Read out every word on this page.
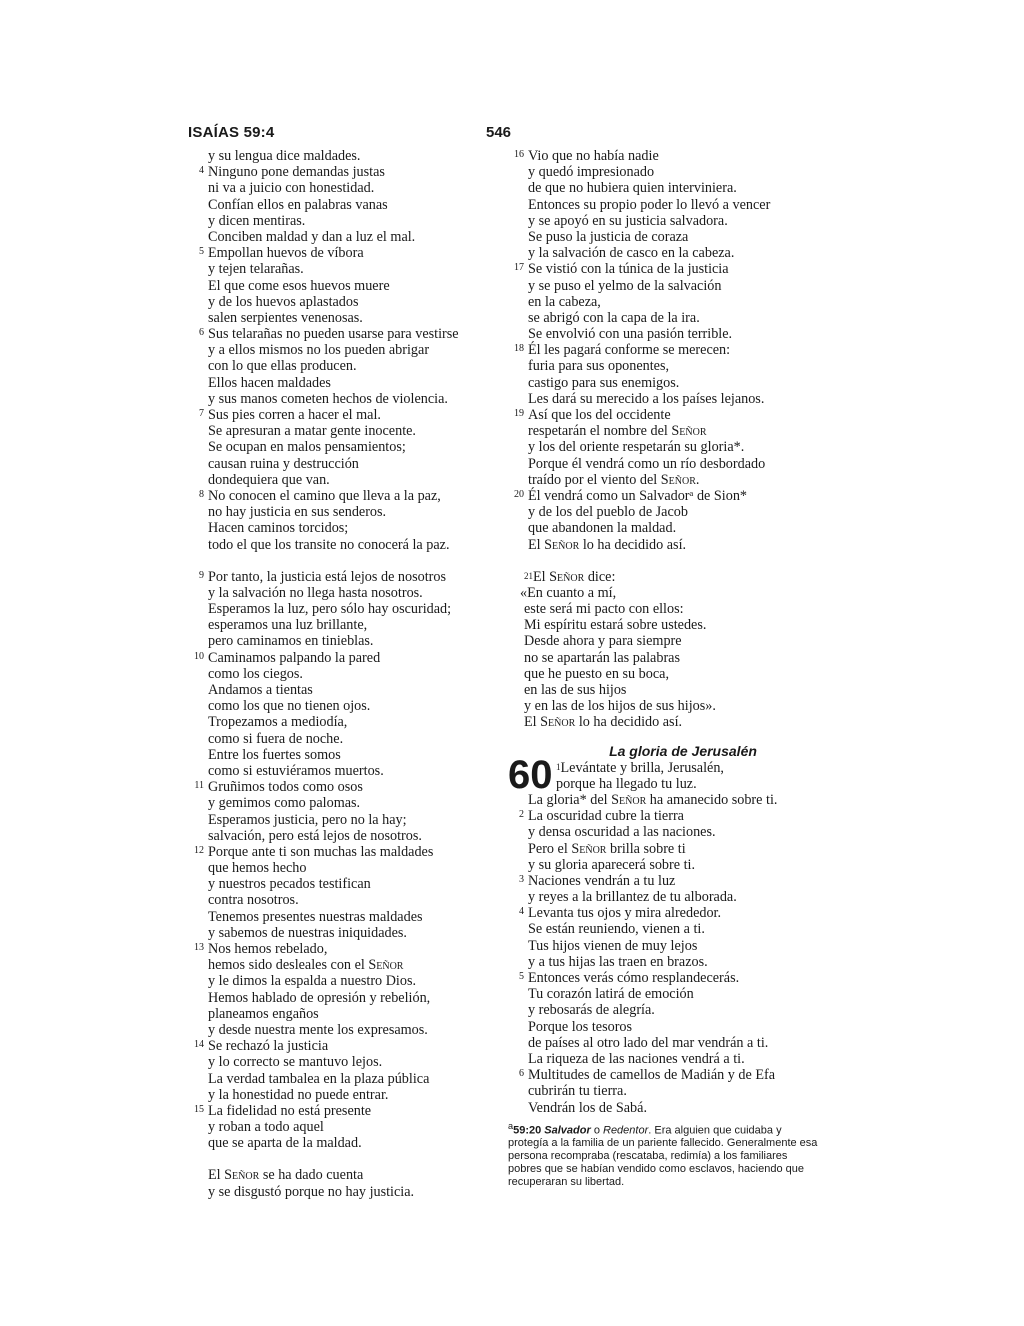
ISAÍAS 59:4	546
y su lengua dice maldades.
4 Ninguno pone demandas justas
ni va a juicio con honestidad.
Confían ellos en palabras vanas
y dicen mentiras.
Conciben maldad y dan a luz el mal.
5 Empollan huevos de víbora
y tejen telarañas.
El que come esos huevos muere
y de los huevos aplastados
salen serpientes venenosas.
6 Sus telarañas no pueden usarse para vestirse
y a ellos mismos no los pueden abrigar
con lo que ellas producen.
Ellos hacen maldades
y sus manos cometen hechos de violencia.
7 Sus pies corren a hacer el mal.
Se apresuran a matar gente inocente.
Se ocupan en malos pensamientos;
causan ruina y destrucción
dondequiera que van.
8 No conocen el camino que lleva a la paz,
no hay justicia en sus senderos.
Hacen caminos torcidos;
todo el que los transite no conocerá la paz.
9 Por tanto, la justicia está lejos de nosotros
y la salvación no llega hasta nosotros.
Esperamos la luz, pero sólo hay oscuridad;
esperamos una luz brillante,
pero caminamos en tinieblas.
10 Caminamos palpando la pared
como los ciegos.
Andamos a tientas
como los que no tienen ojos.
Tropezamos a mediodía,
como si fuera de noche.
Entre los fuertes somos
como si estuviéramos muertos.
11 Gruñimos todos como osos
y gemimos como palomas.
Esperamos justicia, pero no la hay;
salvación, pero está lejos de nosotros.
12 Porque ante ti son muchas las maldades
que hemos hecho
y nuestros pecados testifican
contra nosotros.
Tenemos presentes nuestras maldades
y sabemos de nuestras iniquidades.
13 Nos hemos rebelado,
hemos sido desleales con el Señor
y le dimos la espalda a nuestro Dios.
Hemos hablado de opresión y rebelión,
planeamos engaños
y desde nuestra mente los expresamos.
14 Se rechazó la justicia
y lo correcto se mantuvo lejos.
La verdad tambalea en la plaza pública
y la honestidad no puede entrar.
15 La fidelidad no está presente
y roban a todo aquel
que se aparta de la maldad.
El Señor se ha dado cuenta
y se disgustó porque no hay justicia.
16 Vio que no había nadie
y quedó impresionado
de que no hubiera quien interviniera.
Entonces su propio poder lo llevó a vencer
y se apoyó en su justicia salvadora.
Se puso la justicia de coraza
y la salvación de casco en la cabeza.
17 Se vistió con la túnica de la justicia
y se puso el yelmo de la salvación
en la cabeza,
se abrigó con la capa de la ira.
Se envolvió con una pasión terrible.
18 Él les pagará conforme se merecen:
furia para sus oponentes,
castigo para sus enemigos.
Les dará su merecido a los países lejanos.
19 Así que los del occidente
respetarán el nombre del Señor
y los del oriente respetarán su gloria*.
Porque él vendrá como un río desbordado
traído por el viento del Señor.
20 Él vendrá como un Salvadorᵃ de Sion*
y de los del pueblo de Jacob
que abandonen la maldad.
El Señor lo ha decidido así.
$^{21}$El Señor dice:
«En cuanto a mí,
este será mi pacto con ellos:
Mi espíritu estará sobre ustedes.
Desde ahora y para siempre
no se apartarán las palabras
que he puesto en su boca,
en las de sus hijos
y en las de los hijos de sus hijos».
El Señor lo ha decidido así.
La gloria de Jerusalén
60 $^1$Levántate y brilla, Jerusalén,
porque ha llegado tu luz.
La gloria* del Señor ha amanecido sobre ti.
2 La oscuridad cubre la tierra
y densa oscuridad a las naciones.
Pero el Señor brilla sobre ti
y su gloria aparecerá sobre ti.
3 Naciones vendrán a tu luz
y reyes a la brillantez de tu alborada.
4 Levanta tus ojos y mira alrededor.
Se están reuniendo, vienen a ti.
Tus hijos vienen de muy lejos
y a tus hijas las traen en brazos.
5 Entonces verás cómo resplandecerás.
Tu corazón latirá de emoción
y rebosarás de alegría.
Porque los tesoros
de países al otro lado del mar vendrán a ti.
La riqueza de las naciones vendrá a ti.
6 Multitudes de camellos de Madián y de Efa
cubrirán tu tierra.
Vendrán los de Sabá.
$^a$59:20 Salvador o Redentor. Era alguien que cuidaba y protegía a la familia de un pariente fallecido. Generalmente esa persona recompraba (rescataba, redimía) a los familiares pobres que se habían vendido como esclavos, haciendo que recuperaran su libertad.
